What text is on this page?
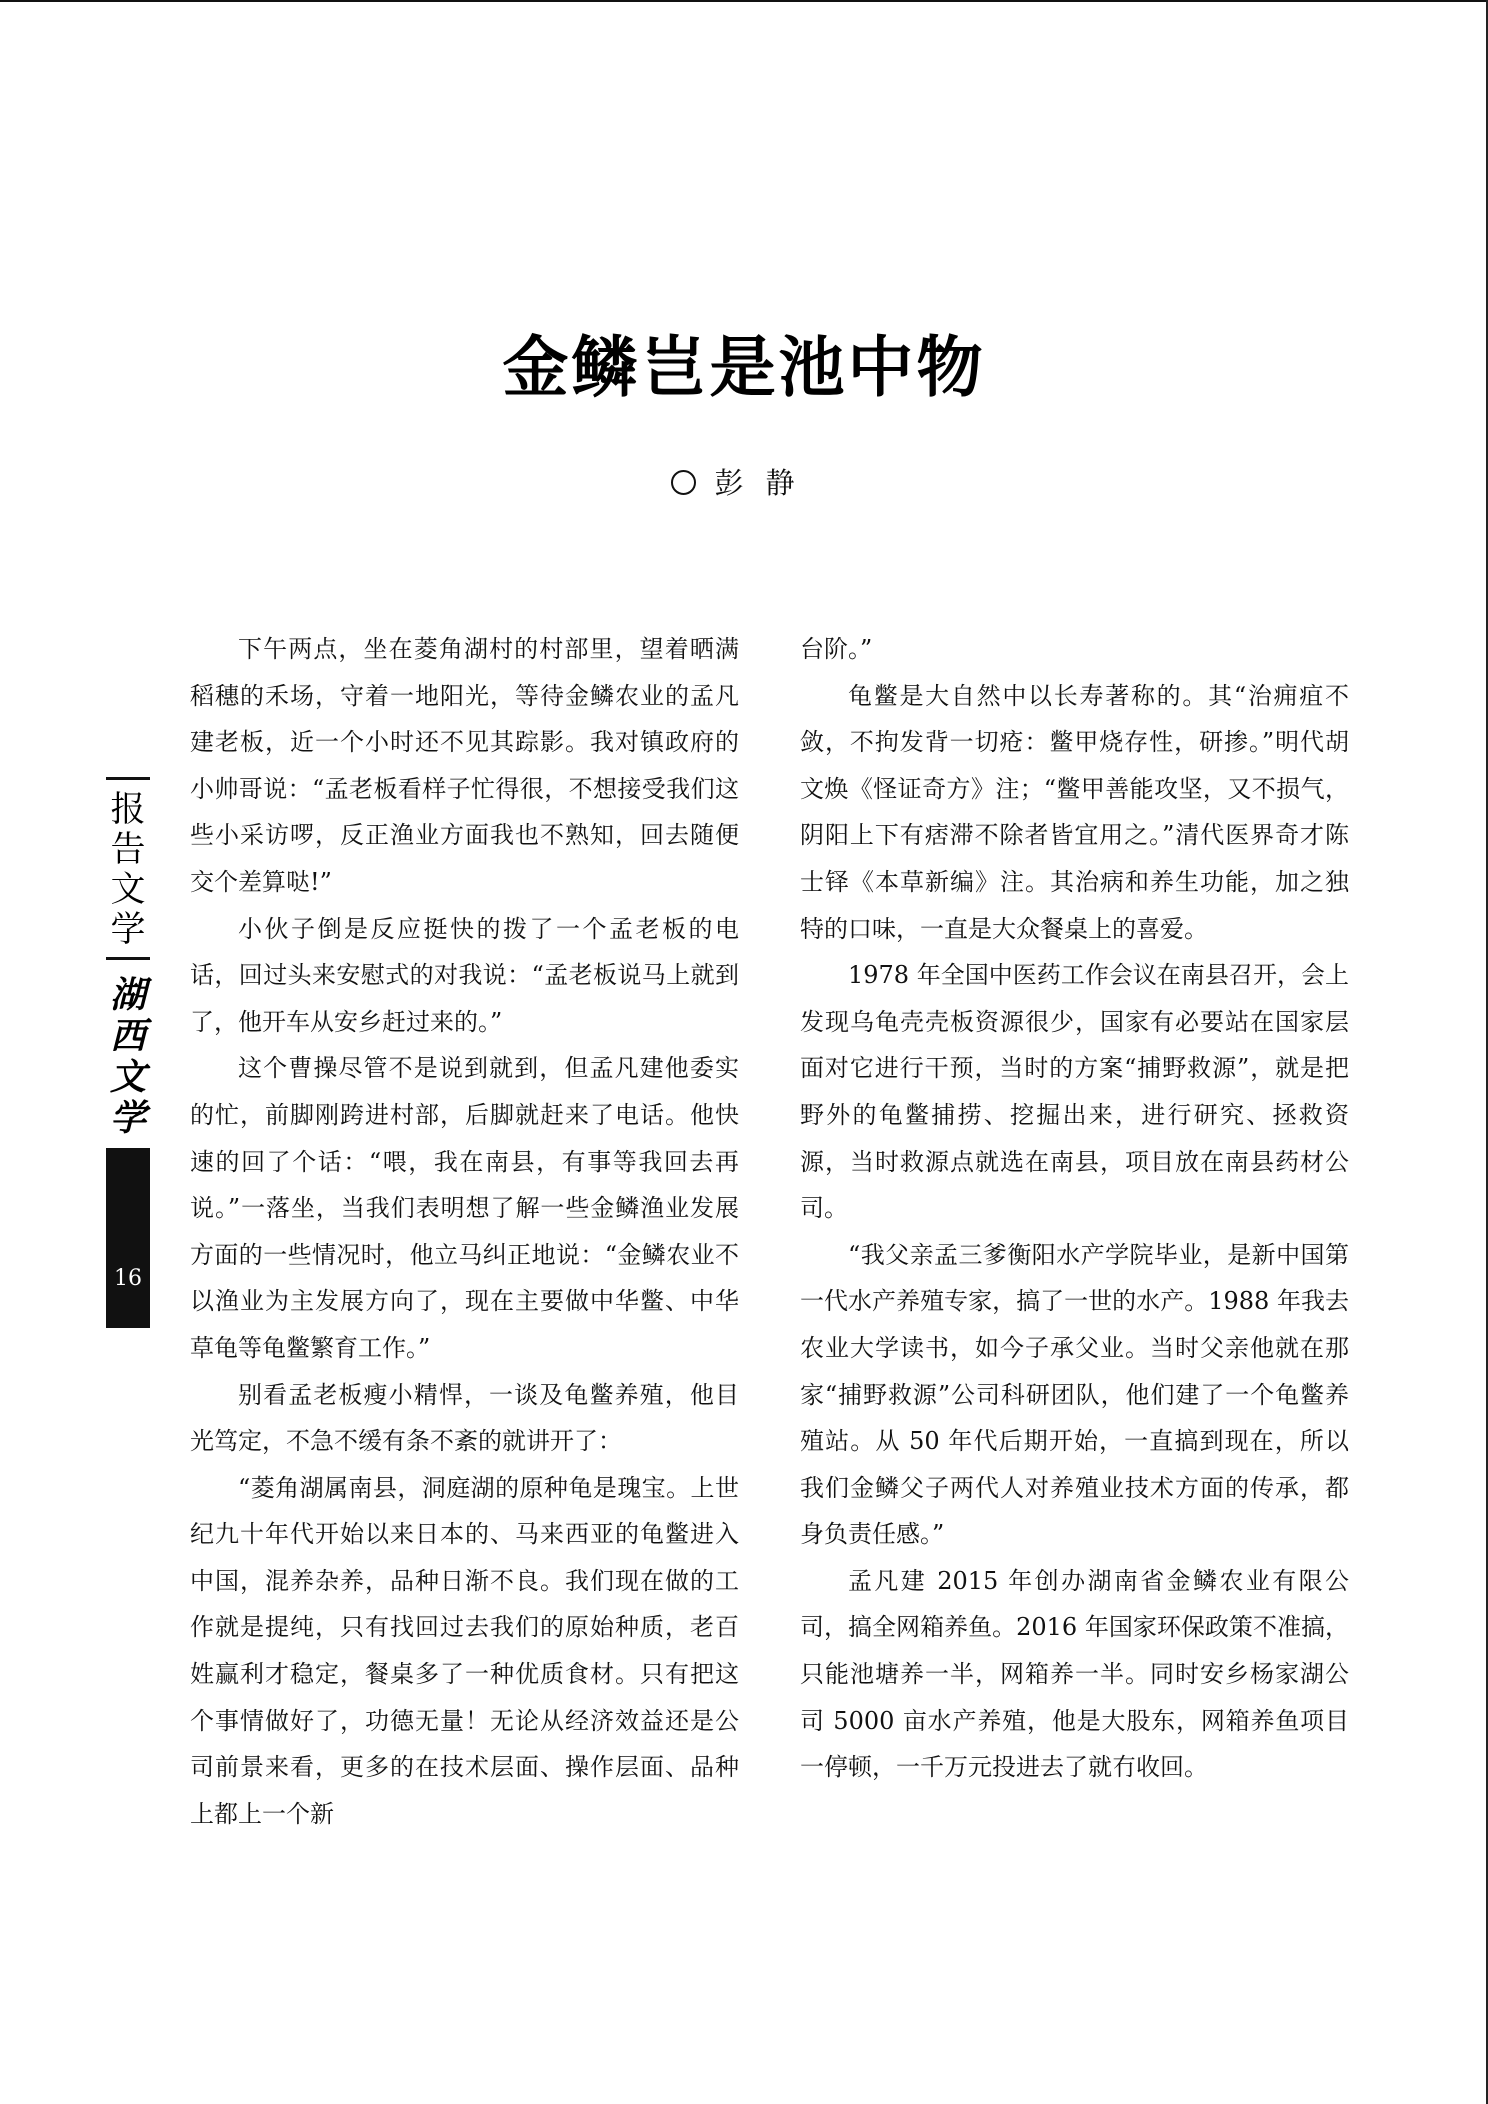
金鳞岂是池中物
彭静
报
告
文
学
湖
西
文
学
16

下午两点，坐在菱角湖村的村部里，望着晒满稻穗的禾场，守着一地阳光，等待金鳞农业的孟凡建老板，近一个小时还不见其踪影。我对镇政府的小帅哥说：“孟老板看样子忙得很，不想接受我们这些小采访啰，反正渔业方面我也不熟知，回去随便交个差算哒!”

小伙子倒是反应挺快的拨了一个孟老板的电话，回过头来安慰式的对我说：“孟老板说马上就到了，他开车从安乡赶过来的。”

这个曹操尽管不是说到就到，但孟凡建他委实的忙，前脚刚跨进村部，后脚就赶来了电话。他快速的回了个话：“喂，我在南县，有事等我回去再说。”一落坐，当我们表明想了解一些金鳞渔业发展方面的一些情况时，他立马纠正地说：“金鳞农业不以渔业为主发展方向了，现在主要做中华鳖、中华草龟等龟鳖繁育工作。”

别看孟老板瘦小精悍，一谈及龟鳖养殖，他目光笃定，不急不缓有条不紊的就讲开了：

“菱角湖属南县，洞庭湖的原种龟是瑰宝。上世纪九十年代开始以来日本的、马来西亚的龟鳖进入中国，混养杂养，品种日渐不良。我们现在做的工作就是提纯，只有找回过去我们的原始种质，老百姓赢利才稳定，餐桌多了一种优质食材。只有把这个事情做好了，功德无量！无论从经济效益还是公司前景来看，更多的在技术层面、操作层面、品种上都上一个新

台阶。”

龟鳖是大自然中以长寿著称的。其“治痈疽不敛，不拘发背一切疮：鳖甲烧存性，研掺。”明代胡文焕《怪证奇方》注；“鳖甲善能攻坚，又不损气，阴阳上下有痞滞不除者皆宜用之。”清代医界奇才陈士铎《本草新编》注。其治病和养生功能，加之独特的口味，一直是大众餐桌上的喜爱。

1978 年全国中医药工作会议在南县召开，会上发现乌龟壳壳板资源很少，国家有必要站在国家层面对它进行干预，当时的方案“捕野救源”，就是把野外的龟鳖捕捞、挖掘出来，进行研究、拯救资源，当时救源点就选在南县，项目放在南县药材公司。

“我父亲孟三爹衡阳水产学院毕业，是新中国第一代水产养殖专家，搞了一世的水产。1988 年我去农业大学读书，如今子承父业。当时父亲他就在那家“捕野救源”公司科研团队，他们建了一个龟鳖养殖站。从 50 年代后期开始，一直搞到现在，所以我们金鳞父子两代人对养殖业技术方面的传承，都身负责任感。”

孟凡建 2015 年创办湖南省金鳞农业有限公司，搞全网箱养鱼。2016 年国家环保政策不准搞，只能池塘养一半，网箱养一半。同时安乡杨家湖公司 5000 亩水产养殖，他是大股东，网箱养鱼项目一停顿，一千万元投进去了就冇收回。
